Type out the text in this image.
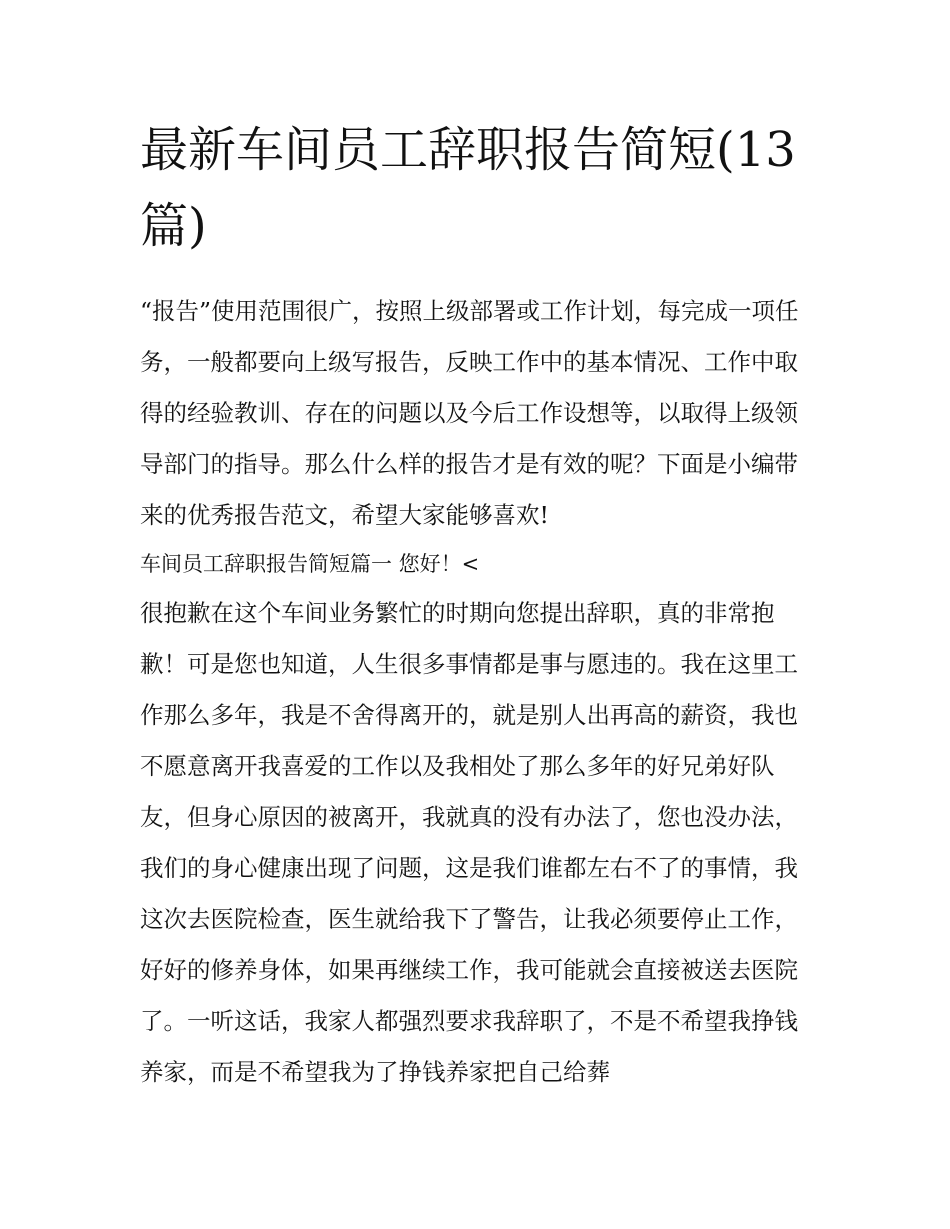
最新车间员工辞职报告简短(13篇)

“报告”使用范围很广，按照上级部署或工作计划，每完成一项任务，一般都要向上级写报告，反映工作中的基本情况、工作中取得的经验教训、存在的问题以及今后工作设想等，以取得上级领导部门的指导。那么什么样的报告才是有效的呢？下面是小编带来的优秀报告范文，希望大家能够喜欢!

车间员工辞职报告简短篇一 您好！<

很抱歉在这个车间业务繁忙的时期向您提出辞职，真的非常抱歉！可是您也知道，人生很多事情都是事与愿违的。我在这里工作那么多年，我是不舍得离开的，就是别人出再高的薪资，我也不愿意离开我喜爱的工作以及我相处了那么多年的好兄弟好队友，但身心原因的被离开，我就真的没有办法了，您也没办法，我们的身心健康出现了问题，这是我们谁都左右不了的事情，我这次去医院检查，医生就给我下了警告，让我必须要停止工作，好好的修养身体，如果再继续工作，我可能就会直接被送去医院了。一听这话，我家人都强烈要求我辞职了，不是不希望我挣钱养家，而是不希望我为了挣钱养家把自己给葬
